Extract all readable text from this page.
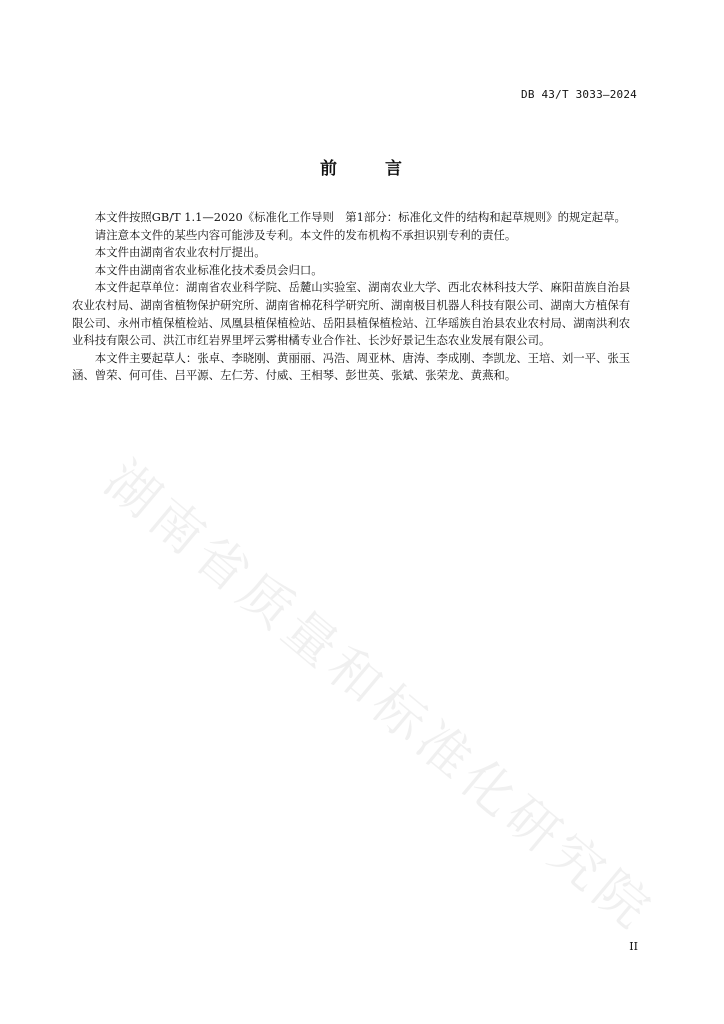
湖南省质量和标准化研究院
DB 43/T 3033—2024
前	言

本文件按照GB/T 1.1—2020《标准化工作导则　第1部分：标准化文件的结构和起草规则》的规定起草。

请注意本文件的某些内容可能涉及专利。本文件的发布机构不承担识别专利的责任。

本文件由湖南省农业农村厅提出。

本文件由湖南省农业标准化技术委员会归口。

本文件起草单位：湖南省农业科学院、岳麓山实验室、湖南农业大学、西北农林科技大学、麻阳苗族自治县农业农村局、湖南省植物保护研究所、湖南省棉花科学研究所、湖南极目机器人科技有限公司、湖南大方植保有限公司、永州市植保植检站、凤凰县植保植检站、岳阳县植保植检站、江华瑶族自治县农业农村局、湖南洪利农业科技有限公司、洪江市红岩界里坪云雾柑橘专业合作社、长沙好景记生态农业发展有限公司。

本文件主要起草人：张卓、李晓刚、黄丽丽、冯浩、周亚林、唐涛、李成刚、李凯龙、王培、刘一平、张玉涵、曾荣、何可佳、吕平源、左仁芳、付威、王相琴、彭世英、张斌、张荣龙、黄燕和。

II
